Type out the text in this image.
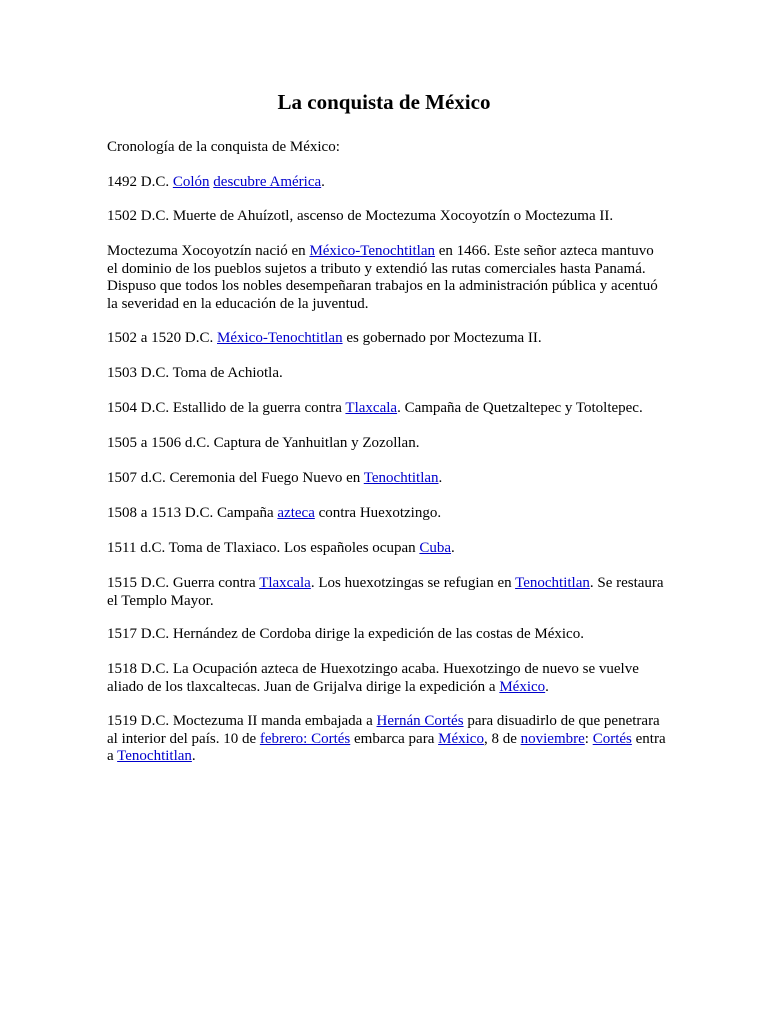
La conquista de México

Cronología de la conquista de México:

1492 D.C. Colón descubre América.

1502 D.C. Muerte de Ahuízotl, ascenso de Moctezuma Xocoyotzín o Moctezuma II.

Moctezuma Xocoyotzín nació en México-Tenochtitlan en 1466. Este señor azteca mantuvo el dominio de los pueblos sujetos a tributo y extendió las rutas comerciales hasta Panamá. Dispuso que todos los nobles desempeñaran trabajos en la administración pública y acentuó la severidad en la educación de la juventud.

1502 a 1520 D.C. México-Tenochtitlan es gobernado por Moctezuma II.

1503 D.C. Toma de Achiotla.

1504 D.C. Estallido de la guerra contra Tlaxcala. Campaña de Quetzaltepec y Totoltepec.

1505 a 1506 d.C. Captura de Yanhuitlan y Zozollan.

1507 d.C. Ceremonia del Fuego Nuevo en Tenochtitlan.

1508 a 1513 D.C. Campaña azteca contra Huexotzingo.

1511 d.C. Toma de Tlaxiaco. Los españoles ocupan Cuba.

1515 D.C. Guerra contra Tlaxcala. Los huexotzingas se refugian en Tenochtitlan. Se restaura el Templo Mayor.

1517 D.C. Hernández de Cordoba dirige la expedición de las costas de México.

1518 D.C. La Ocupación azteca de Huexotzingo acaba. Huexotzingo de nuevo se vuelve aliado de los tlaxcaltecas. Juan de Grijalva dirige la expedición a México.

1519 D.C. Moctezuma II manda embajada a Hernán Cortés para disuadirlo de que penetrara al interior del país. 10 de febrero: Cortés embarca para México, 8 de noviembre: Cortés entra a Tenochtitlan.
